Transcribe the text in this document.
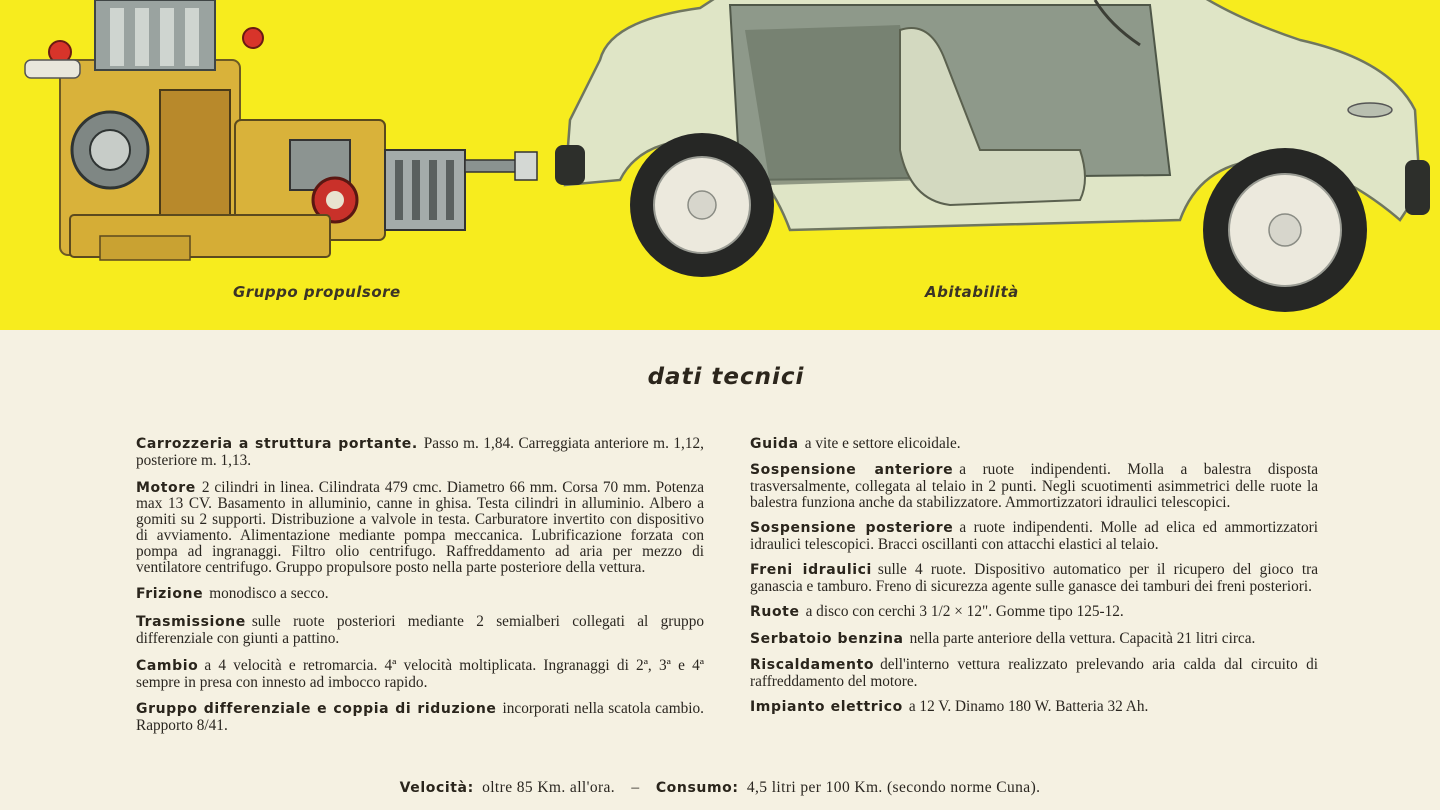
Gruppo propulsore	Abitabilità
dati tecnici

Carrozzeria a struttura portante. Passo m. 1,84. Carreggiata anteriore m. 1,12, posteriore m. 1,13.

Motore 2 cilindri in linea. Cilindrata 479 cmc. Diametro 66 mm. Corsa 70 mm. Potenza max 13 CV. Basamento in alluminio, canne in ghisa. Testa cilindri in alluminio. Albero a gomiti su 2 supporti. Distribuzione a valvole in testa. Carburatore invertito con dispositivo di avviamento. Alimentazione mediante pompa meccanica. Lubrificazione forzata con pompa ad ingranaggi. Filtro olio centrifugo. Raffreddamento ad aria per mezzo di ventilatore centrifugo. Gruppo propulsore posto nella parte posteriore della vettura.

Frizione monodisco a secco.

Trasmissione sulle ruote posteriori mediante 2 semialberi collegati al gruppo differenziale con giunti a pattino.

Cambio a 4 velocità e retromarcia. 4ª velocità moltiplicata. Ingranaggi di 2ª, 3ª e 4ª sempre in presa con innesto ad imbocco rapido.

Gruppo differenziale e coppia di riduzione incorporati nella scatola cambio. Rapporto 8/41.

Guida a vite e settore elicoidale.

Sospensione anteriore a ruote indipendenti. Molla a balestra disposta trasversalmente, collegata al telaio in 2 punti. Negli scuotimenti asimmetrici delle ruote la balestra funziona anche da stabilizzatore. Ammortizzatori idraulici telescopici.

Sospensione posteriore a ruote indipendenti. Molle ad elica ed ammortizzatori idraulici telescopici. Bracci oscillanti con attacchi elastici al telaio.

Freni idraulici sulle 4 ruote. Dispositivo automatico per il ricupero del gioco tra ganascia e tamburo. Freno di sicurezza agente sulle ganasce dei tamburi dei freni posteriori.

Ruote a disco con cerchi 3 1/2 × 12". Gomme tipo 125-12.

Serbatoio benzina nella parte anteriore della vettura. Capacità 21 litri circa.

Riscaldamento dell'interno vettura realizzato prelevando aria calda dal circuito di raffreddamento del motore.

Impianto elettrico a 12 V. Dinamo 180 W. Batteria 32 Ah.

Velocità: oltre 85 Km. all'ora. – Consumo: 4,5 litri per 100 Km. (secondo norme Cuna).
